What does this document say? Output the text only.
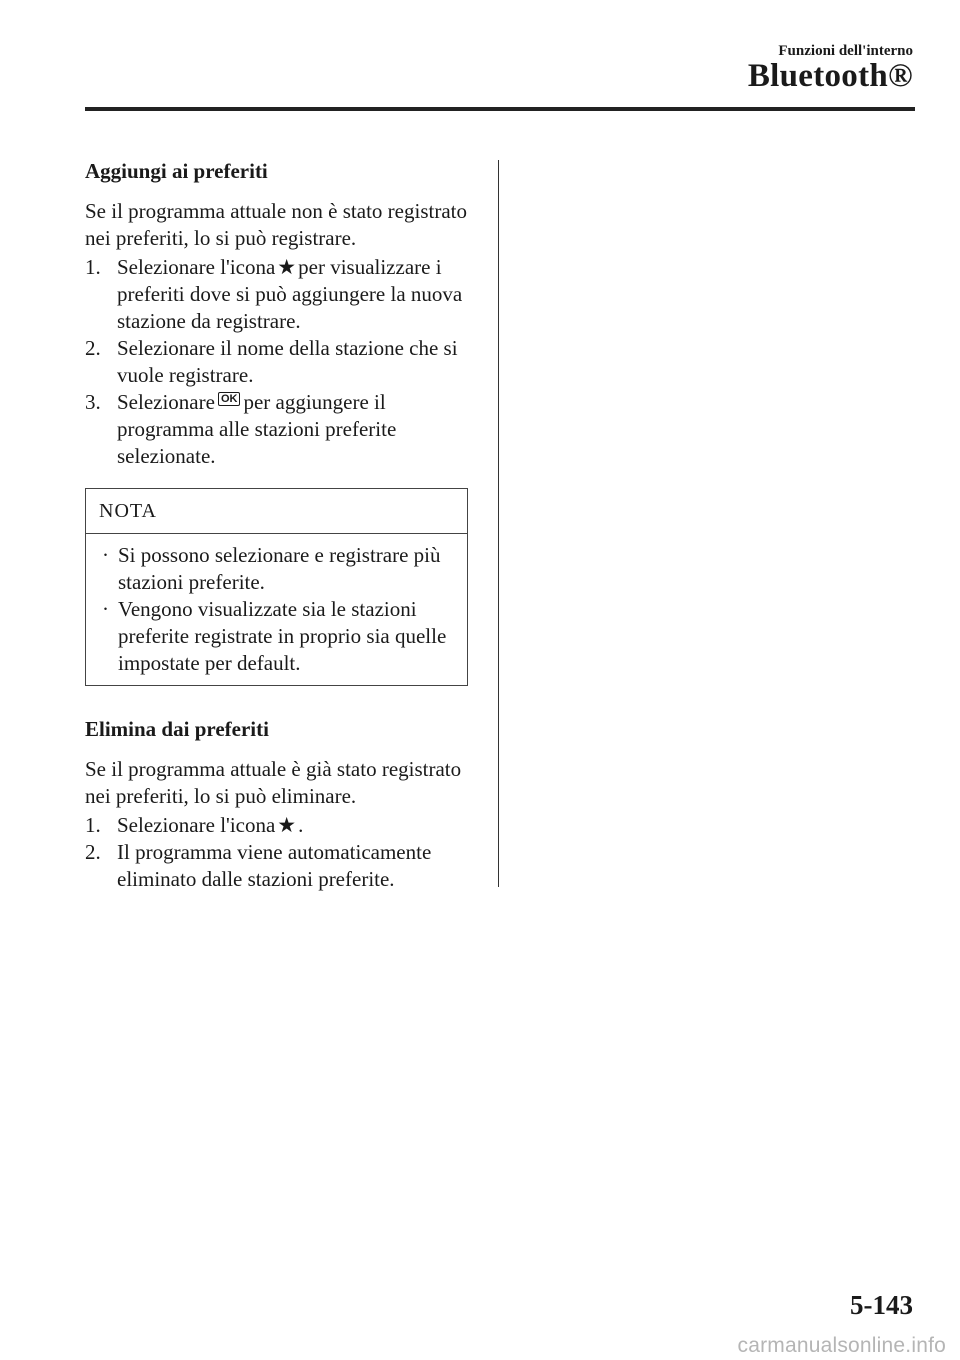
Funzioni dell'interno
Bluetooth®
Aggiungi ai preferiti

Se il programma attuale non è stato registrato nei preferiti, lo si può registrare.

1. Selezionare l'icona★per visualizzare i preferiti dove si può aggiungere la nuova stazione da registrare.
2. Selezionare il nome della stazione che si vuole registrare.
3. Selezionare OK per aggiungere il programma alle stazioni preferite selezionate.
NOTA
· Si possono selezionare e registrare più stazioni preferite.
· Vengono visualizzate sia le stazioni preferite registrate in proprio sia quelle impostate per default.
Elimina dai preferiti

Se il programma attuale è già stato registrato nei preferiti, lo si può eliminare.

1. Selezionare l'icona★.
2. Il programma viene automaticamente eliminato dalle stazioni preferite.
5-143
carmanualsonline.info
